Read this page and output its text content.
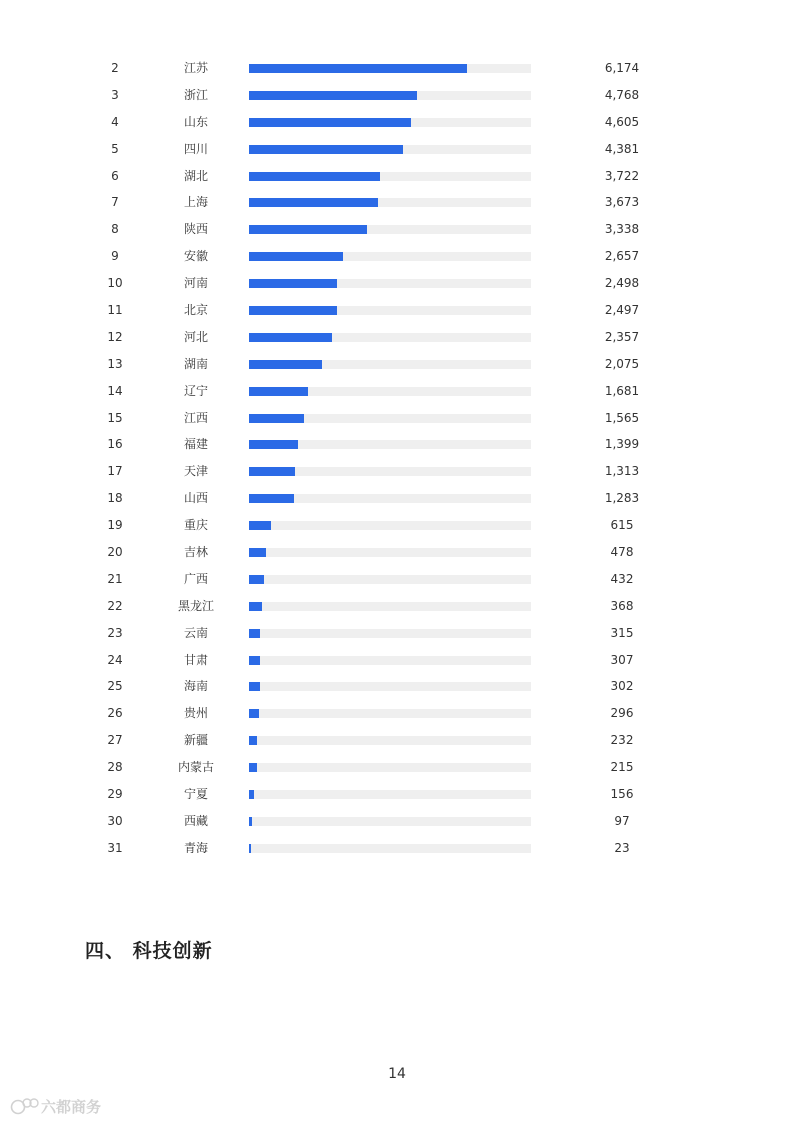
2	江苏	6,174
3	浙江	4,768
4	山东	4,605
5	四川	4,381
6	湖北	3,722
7	上海	3,673
8	陕西	3,338
9	安徽	2,657
10	河南	2,498
11	北京	2,497
12	河北	2,357
13	湖南	2,075
14	辽宁	1,681
15	江西	1,565
16	福建	1,399
17	天津	1,313
18	山西	1,283
19	重庆	615
20	吉林	478
21	广西	432
22	黑龙江	368
23	云南	315
24	甘肃	307
25	海南	302
26	贵州	296
27	新疆	232
28	内蒙古	215
29	宁夏	156
30	西藏	97
31	青海	23
四、 科技创新
14
六都商务
